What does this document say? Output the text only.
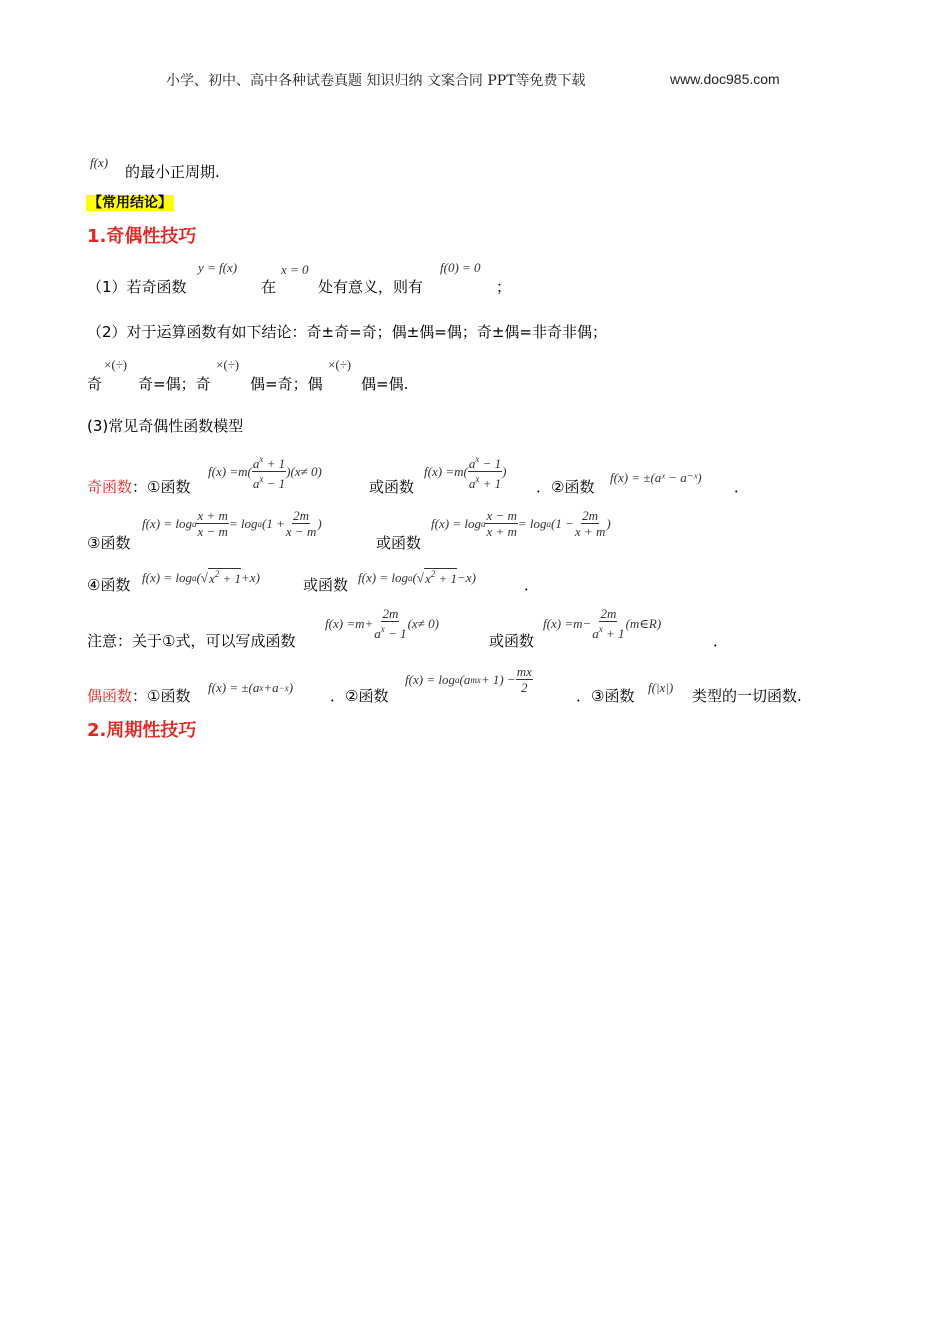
小学、初中、高中各种试卷真题 知识归纳 文案合同 PPT等免费下载	www.doc985.com
f(x)
的最小正周期.
【常用结论】
1.奇偶性技巧
（1）若奇函数
y = f(x)
在
x = 0
处有意义，则有
f(0) = 0
；
（2）对于运算函数有如下结论：奇±奇=奇；偶±偶=偶；奇±偶=非奇非偶；
×(÷)	×(÷)	×(÷)
奇 奇=偶；奇	偶=奇；偶	偶=偶.
(3)常见奇偶性函数模型
奇函数：①函数
f ( x ) = m ( $\frac{a^x + 1}{a^x - 1}$ )( x ≠ 0)
或函数
f ( x ) = m ( $\frac{a^x - 1}{a^x + 1}$ )
．②函数
f(x) = ±(aˣ − a⁻ˣ)
．
③函数
f ( x ) = log a $\frac{x + m}{x - m} = \log a$ ($1 + \frac{2m}{x - m}$ )
或函数
f ( x ) = log a $\frac{x - m}{x + m} = \log a$ ($1 - \frac{2m}{x + m}$ )
④函数 f ( x ) = log a (√ $x^2 + 1 + x$ )	或函数 f ( x ) = log a (√ $x^2 + 1 - x$ )	．
注意：关于①式，可以写成函数
f ( x ) = $m + \frac{2m}{a^x - 1}$ ( x ≠ 0)
或函数
f ( x ) = $m - \frac{2m}{a^x + 1}$ ( m ∈ R )
．
偶函数：①函数 f ( x ) = ±( a x + a −x ) ．②函数
f ( x ) = log a ( a mx + $1) - \frac{mx}{2}$
．③函数 f(|x|) 类型的一切函数.
2.周期性技巧
